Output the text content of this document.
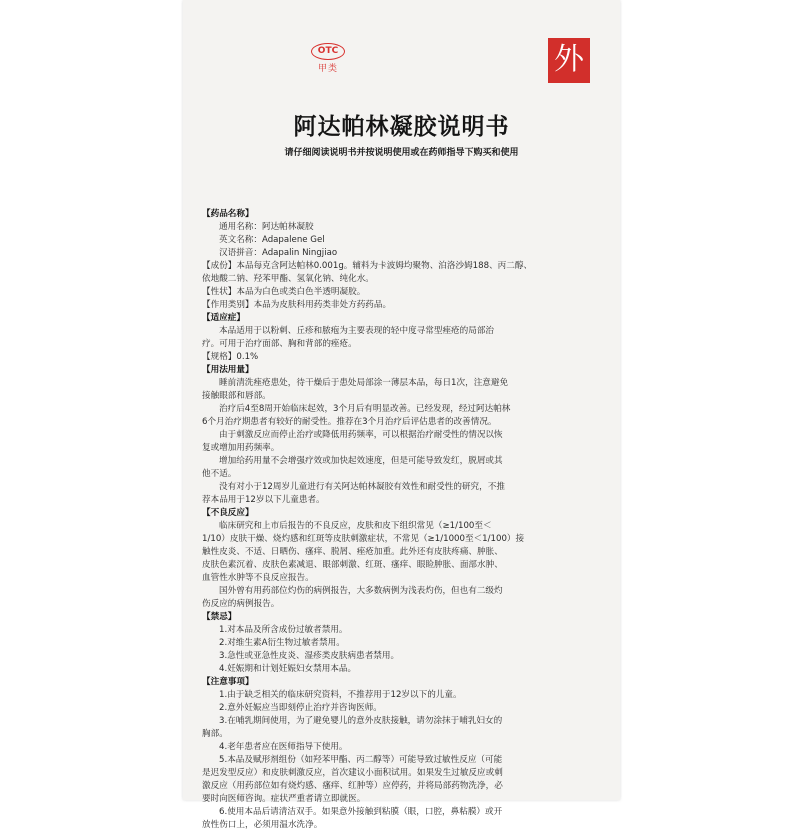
OTC
甲类	外
阿达帕林凝胶说明书
请仔细阅读说明书并按说明使用或在药师指导下购买和使用
【药品名称】
通用名称：阿达帕林凝胶
英文名称：Adapalene Gel
汉语拼音：Adapalin Ningjiao
【成份】本品每克含阿达帕林0.001g。辅料为卡波姆均聚物、泊洛沙姆188、丙二醇、
依地酸二钠、羟苯甲酯、氢氧化钠、纯化水。
【性状】本品为白色或类白色半透明凝胶。
【作用类别】本品为皮肤科用药类非处方药药品。
【适应症】
本品适用于以粉刺、丘疹和脓疱为主要表现的轻中度寻常型痤疮的局部治
疗。可用于治疗面部、胸和背部的痤疮。
【规格】0.1%
【用法用量】
睡前清洗痤疮患处，待干燥后于患处局部涂一薄层本品，每日1次，注意避免
接触眼部和唇部。
治疗后4至8周开始临床起效，3个月后有明显改善。已经发现，经过阿达帕林
6个月治疗期患者有较好的耐受性。推荐在3个月治疗后评估患者的改善情况。
由于刺激反应而停止治疗或降低用药频率，可以根据治疗耐受性的情况以恢
复或增加用药频率。
增加给药用量不会增强疗效或加快起效速度，但是可能导致发红，脱屑或其
他不适。
没有对小于12周岁儿童进行有关阿达帕林凝胶有效性和耐受性的研究，不推
荐本品用于12岁以下儿童患者。
【不良反应】
临床研究和上市后报告的不良反应，皮肤和皮下组织常见（≥1/100至＜
1/10）皮肤干燥、烧灼感和红斑等皮肤刺激症状，不常见（≥1/1000至＜1/100）接
触性皮炎、不适、日晒伤、瘙痒、脱屑、痤疮加重。此外还有皮肤疼痛、肿胀、
皮肤色素沉着、皮肤色素减退、眼部刺激、红斑、瘙痒、眼睑肿胀、面部水肿、
血管性水肿等不良反应报告。
国外曾有用药部位灼伤的病例报告，大多数病例为浅表灼伤，但也有二级灼
伤反应的病例报告。
【禁忌】
1.对本品及所含成份过敏者禁用。
2.对维生素A衍生物过敏者禁用。
3.急性或亚急性皮炎、湿疹类皮肤病患者禁用。
4.妊娠期和计划妊娠妇女禁用本品。
【注意事项】
1.由于缺乏相关的临床研究资料，不推荐用于12岁以下的儿童。
2.意外妊娠应当即刻停止治疗并咨询医师。
3.在哺乳期间使用，为了避免婴儿的意外皮肤接触，请勿涂抹于哺乳妇女的
胸部。
4.老年患者应在医师指导下使用。
5.本品及赋形剂组份（如羟苯甲酯、丙二醇等）可能导致过敏性反应（可能
是迟发型反应）和皮肤刺激反应，首次建议小面积试用。如果发生过敏反应或刺
激反应（用药部位如有烧灼感、瘙痒、红肿等）应停药，并将局部药物洗净，必
要时向医师咨询。症状严重者请立即就医。
6.使用本品后请清洁双手。如果意外接触到粘膜（眼，口腔，鼻粘膜）或开
放性伤口上，必须用温水洗净。
